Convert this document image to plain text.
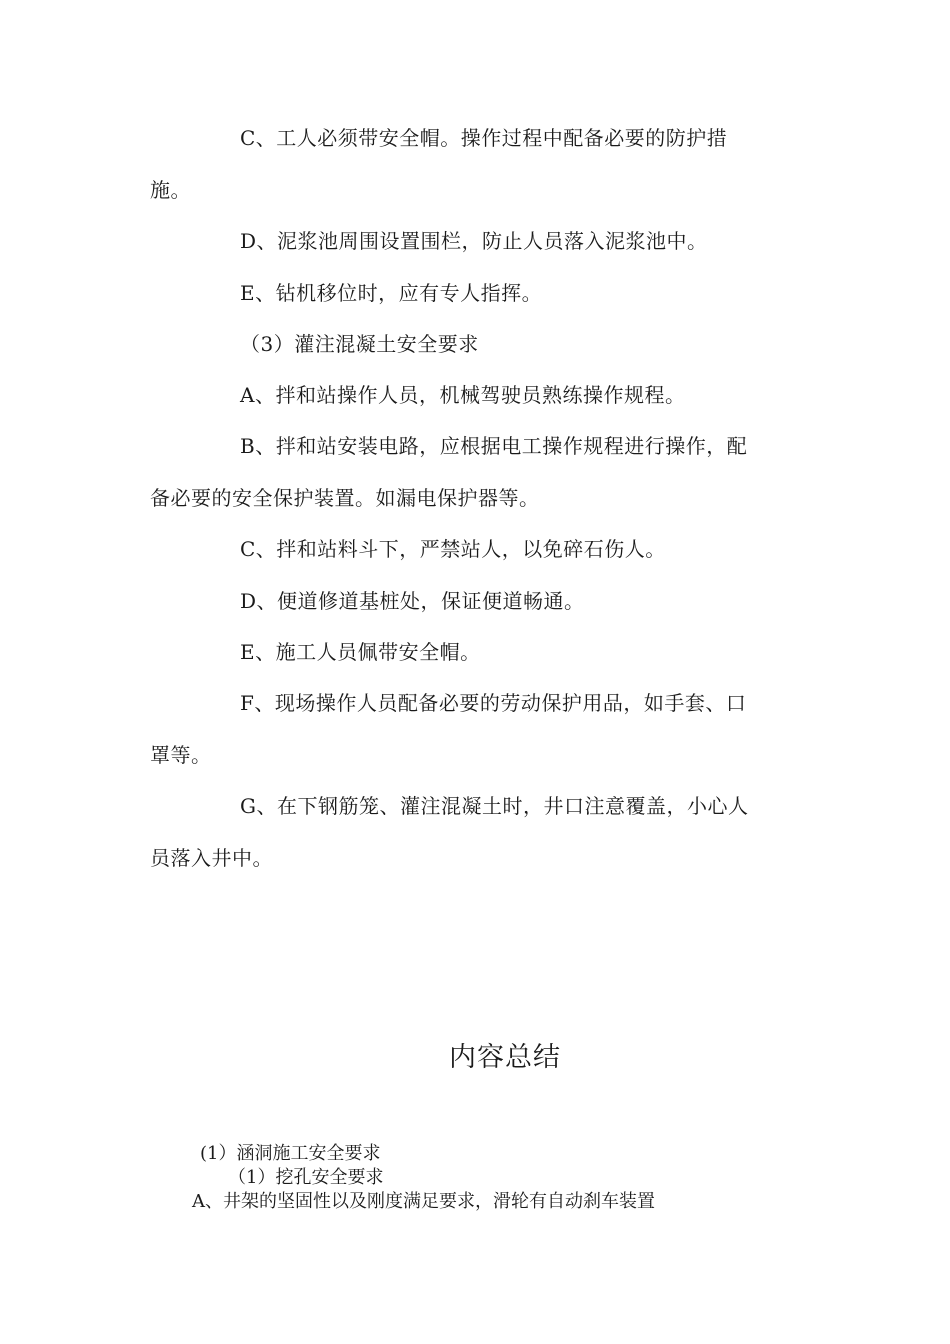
C、工人必须带安全帽。操作过程中配备必要的防护措
施。
D、泥浆池周围设置围栏，防止人员落入泥浆池中。
E、钻机移位时，应有专人指挥。
（3）灌注混凝土安全要求
A、拌和站操作人员，机械驾驶员熟练操作规程。
B、拌和站安装电路，应根据电工操作规程进行操作，配
备必要的安全保护装置。如漏电保护器等。
C、拌和站料斗下，严禁站人，以免碎石伤人。
D、便道修道基桩处，保证便道畅通。
E、施工人员佩带安全帽。
F、现场操作人员配备必要的劳动保护用品，如手套、口
罩等。
G、在下钢筋笼、灌注混凝土时，井口注意覆盖，小心人
员落入井中。
内容总结
(1）涵洞施工安全要求
（1）挖孔安全要求
A、井架的坚固性以及刚度满足要求，滑轮有自动刹车装置
